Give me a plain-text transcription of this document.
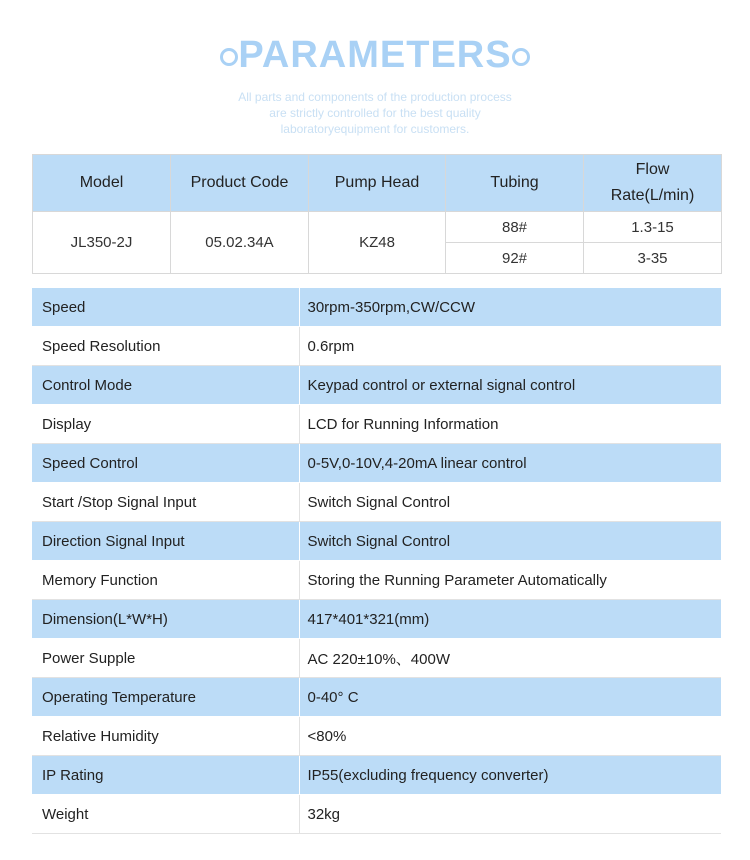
PARAMETERS
All parts and components of the production process
are strictly controlled for the best quality
laboratoryequipment for customers.
Model	Product Code	Pump Head	Tubing	Flow
Rate(L/min)

JL350-2J	05.02.34A	KZ48	88#	1.3-15
			92#	3-35
Speed	30rpm-350rpm,CW/CCW
Speed Resolution	0.6rpm
Control Mode	Keypad control or external signal control
Display	LCD for Running Information
Speed Control	0-5V,0-10V,4-20mA linear control
Start /Stop Signal Input	Switch Signal Control
Direction Signal Input	Switch Signal Control
Memory Function	Storing the Running Parameter Automatically
Dimension(L*W*H)	417*401*321(mm)
Power Supple	AC 220±10%、400W
Operating Temperature	0-40° C
Relative Humidity	<80%
IP Rating	IP55(excluding frequency converter)
Weight	32kg
